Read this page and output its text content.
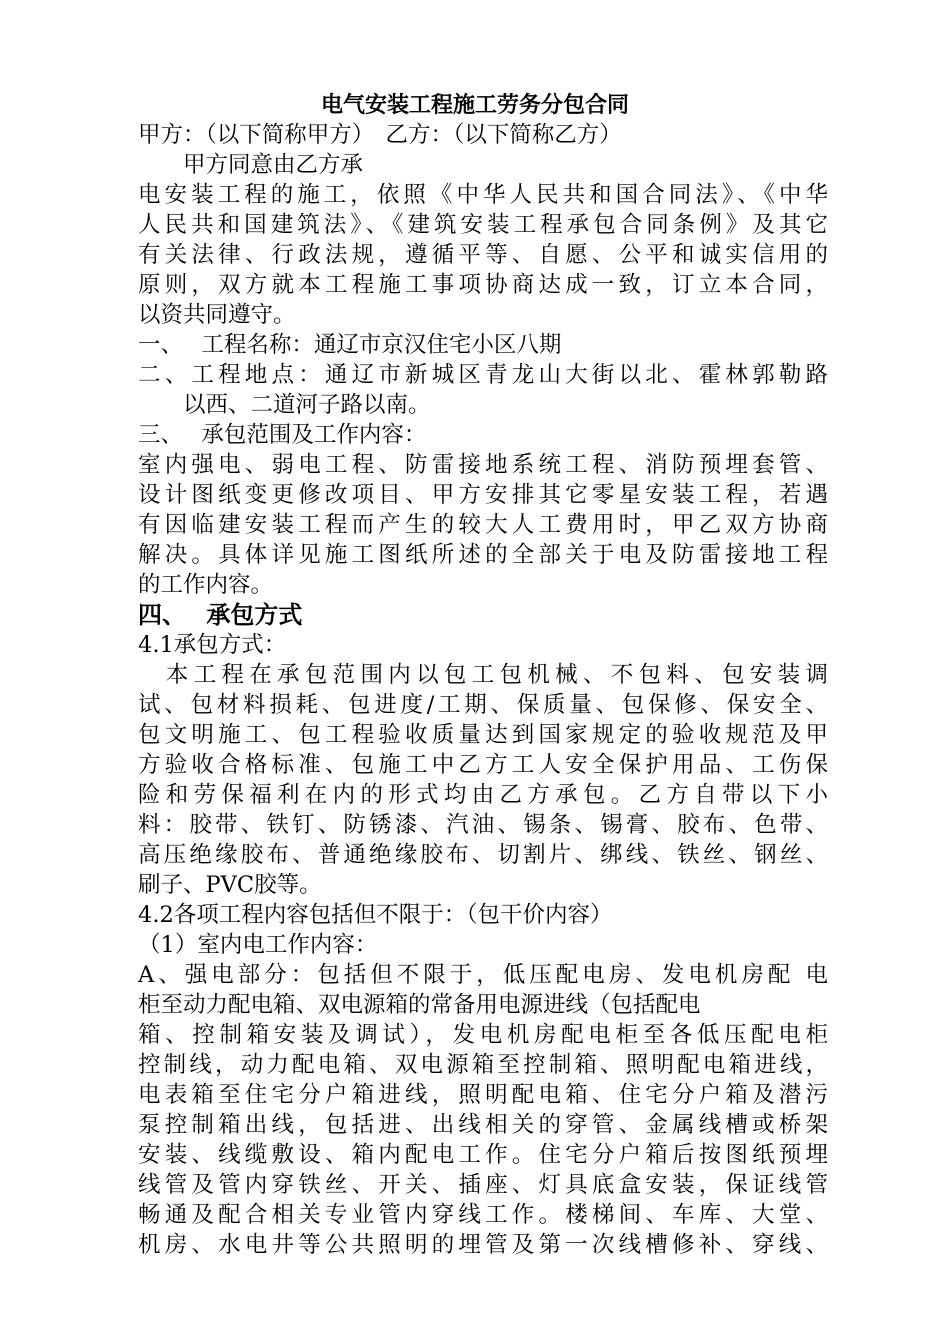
电气安装工程施工劳务分包合同
甲方：（以下简称甲方）　乙方：（以下简称乙方）
　　甲方同意由乙方承
电安装工程的施工，依照《中华人民共和国合同法》、《中华
人民共和国建筑法》、《建筑安装工程承包合同条例》及其它
有关法律、行政法规，遵循平等、自愿、公平和诚实信用的
原则，双方就本工程施工事项协商达成一致，订立本合同，
以资共同遵守。
一、　 工程名称：通辽市京汉住宅小区八期
二、工程地点：通辽市新城区青龙山大街以北、霍林郭勒路
　　以西、二道河子路以南。
三、　 承包范围及工作内容：
室内强电、弱电工程、防雷接地系统工程、消防预埋套管、
设计图纸变更修改项目、甲方安排其它零星安装工程，若遇
有因临建安装工程而产生的较大人工费用时，甲乙双方协商
解决。具体详见施工图纸所述的全部关于电及防雷接地工程
的工作内容。
四、　 承包方式
4.1承包方式：
　本工程在承包范围内以包工包机械、不包料、包安装调
试、包材料损耗、包进度/工期、保质量、包保修、保安全、
包文明施工、包工程验收质量达到国家规定的验收规范及甲
方验收合格标准、包施工中乙方工人安全保护用品、工伤保
险和劳保福利在内的形式均由乙方承包。乙方自带以下小
料：胶带、铁钉、防锈漆、汽油、锡条、锡膏、胶布、色带、
高压绝缘胶布、普通绝缘胶布、切割片、绑线、铁丝、钢丝、
刷子、PVC胶等。
4.2各项工程内容包括但不限于：（包干价内容）
（1）室内电工作内容：
A、强电部分：包括但不限于，低压配电房、发电机房配 电
柜至动力配电箱、双电源箱的常备用电源进线（包括配电
箱、控制箱安装及调试），发电机房配电柜至各低压配电柜
控制线，动力配电箱、双电源箱至控制箱、照明配电箱进线，
电表箱至住宅分户箱进线，照明配电箱、住宅分户箱及潜污
泵控制箱出线，包括进、出线相关的穿管、金属线槽或桥架
安装、线缆敷设、箱内配电工作。住宅分户箱后按图纸预埋
线管及管内穿铁丝、开关、插座、灯具底盒安装，保证线管
畅通及配合相关专业管内穿线工作。楼梯间、车库、大堂、
机房、水电井等公共照明的埋管及第一次线槽修补、穿线、
